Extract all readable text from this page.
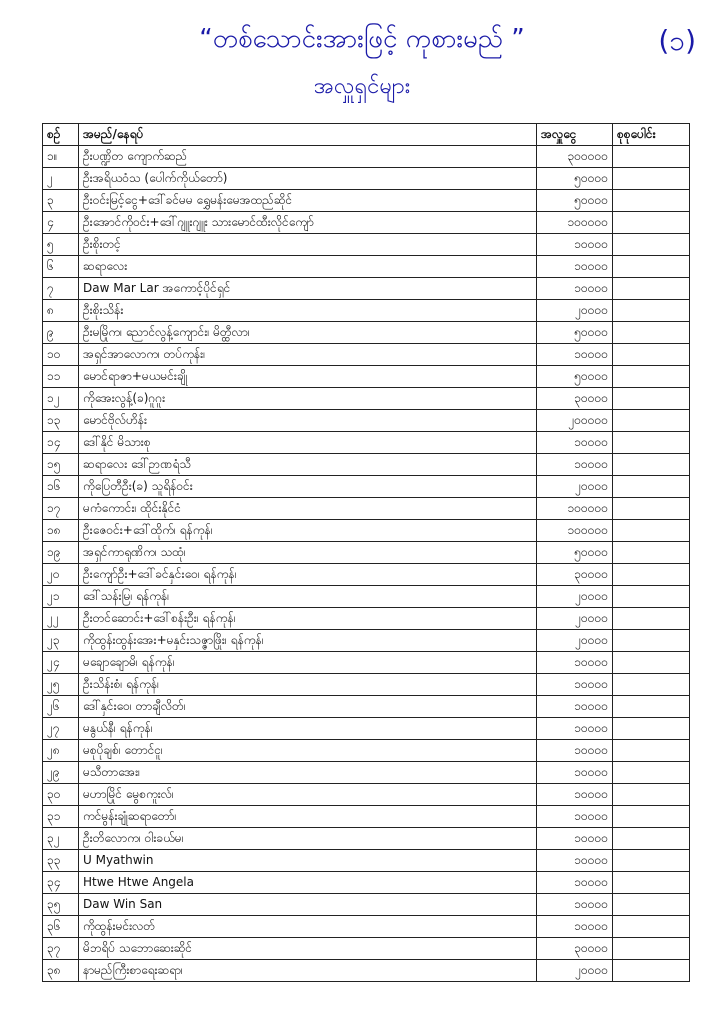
“တစ်သောင်းအားဖြင့် ကုစားမည် ”	(၁)
အလှူရှင်များ
စဉ်	အမည်/နေရပ်	အလှူငွေ	စုစုပေါင်း
၁။	ဦးပဏ္ဍိတ ကျောက်ဆည်	၃၀၀၀၀၀	
၂	ဦးအရိယဝံသ (ပေါက်ကိုယ်တော်)	၅၀၀၀၀	
၃	ဦးဝင်းမြင့်ငွေ+ဒေါ်ခင်မမ ရွှေမန်းမေအထည်ဆိုင်	၅၀၀၀၀	
၄	ဦးအောင်ကိုဝင်း+ဒေါ်ဂျူးဂျူး သားမောင်ထီးလိုင်ကျော်	၁၀၀၀၀၀	
၅	ဦးစိုးတင့်	၁၀၀၀၀	
၆	ဆရာလေး	၁၀၀၀၀	
၇	Daw Mar Lar အကောင့်ပိုင်ရှင်	၁၀၀၀၀	
၈	ဦးစိုးသိန်း	၂၀၀၀၀	
၉	ဦးမမြိုက၊ ညောင်လွန့်ကျောင်း၊ မိတ္ထီလာ၊	၅၀၀၀၀	
၁၀	အရှင်အာလောက၊ တပ်ကုန်း၊	၁၀၀၀၀	
၁၁	မောင်ရာဇာ+မယမင်းချို	၅၀၀၀၀	
၁၂	ကိုအေးလွန့်(ခ)ဂူဂူး	၃၀၀၀၀	
၁၃	မောင်ဗိုလ်ဟိန်း	၂၀၀၀၀၀	
၁၄	ဒေါ်နိုင် မိသားစု	၁၀၀၀၀	
၁၅	ဆရာလေး ဒေါ်ဉာဏရံသီ	၁၀၀၀၀	
၁၆	ကိုပြေတီဦး(ခ) သူရိန်ဝင်း	၂၀၀၀၀	
၁၇	မကံကောင်း၊ ထိုင်းနိုင်ငံ	၁၀၀၀၀၀	
၁၈	ဦးဇေဝင်း+ဒေါ်ထိုက်၊ ရန်ကုန်၊	၁၀၀၀၀၀	
၁၉	အရှင်ကာရုဏိက၊ သထုံ၊	၅၀၀၀၀	
၂၀	ဦးကျော်ဦး+ဒေါ်ခင်နှင်းဝေ၊ ရန်ကုန်၊	၃၀၀၀၀	
၂၁	ဒေါ်သန်းမြ၊ ရန်ကုန်၊	၂၀၀၀၀	
၂၂	ဦးတင်ဆောင်း+ဒေါ်စန်းဦး၊ ရန်ကုန်၊	၂၀၀၀၀	
၂၃	ကိုထွန်းထွန်းအေး+မနှင်းသဇ္ဇာဖြိုး၊ ရန်ကုန်၊	၂၀၀၀၀	
၂၄	မချောချောမိ၊ ရန်ကုန်၊	၁၀၀၀၀	
၂၅	ဦးသိန်းစံ၊ ရန်ကုန်၊	၁၀၀၀၀	
၂၆	ဒေါ်နှင်းဝေ၊ တာချီလိတ်၊	၁၀၀၀၀	
၂၇	မနွယ်နီ၊ ရန်ကုန်၊	၁၀၀၀၀	
၂၈	မစုပိုချစ်၊ တောင်ငူ၊	၁၀၀၀၀	
၂၉	မသီတာအေး၊	၁၀၀၀၀	
၃၀	မဟာမြိုင် မွေစကူးလ်၊	၁၀၀၀၀	
၃၁	ကင်မွန်းချုံဆရာတော်၊	၁၀၀၀၀	
၃၂	ဦးတိလောက၊ ဝါးခယ်မ၊	၁၀၀၀၀	
၃၃	U Myathwin	၁၀၀၀၀	
၃၄	Htwe Htwe Angela	၁၀၀၀၀	
၃၅	Daw Win San	၁၀၀၀၀	
၃၆	ကိုထွန်းမင်းလတ်	၁၀၀၀၀	
၃၇	မိဘရိပ် သဘောဆေးဆိုင်	၃၀၀၀၀	
၃၈	နာမည်ကြီးစာရေးဆရာ၊	၂၀၀၀၀	
